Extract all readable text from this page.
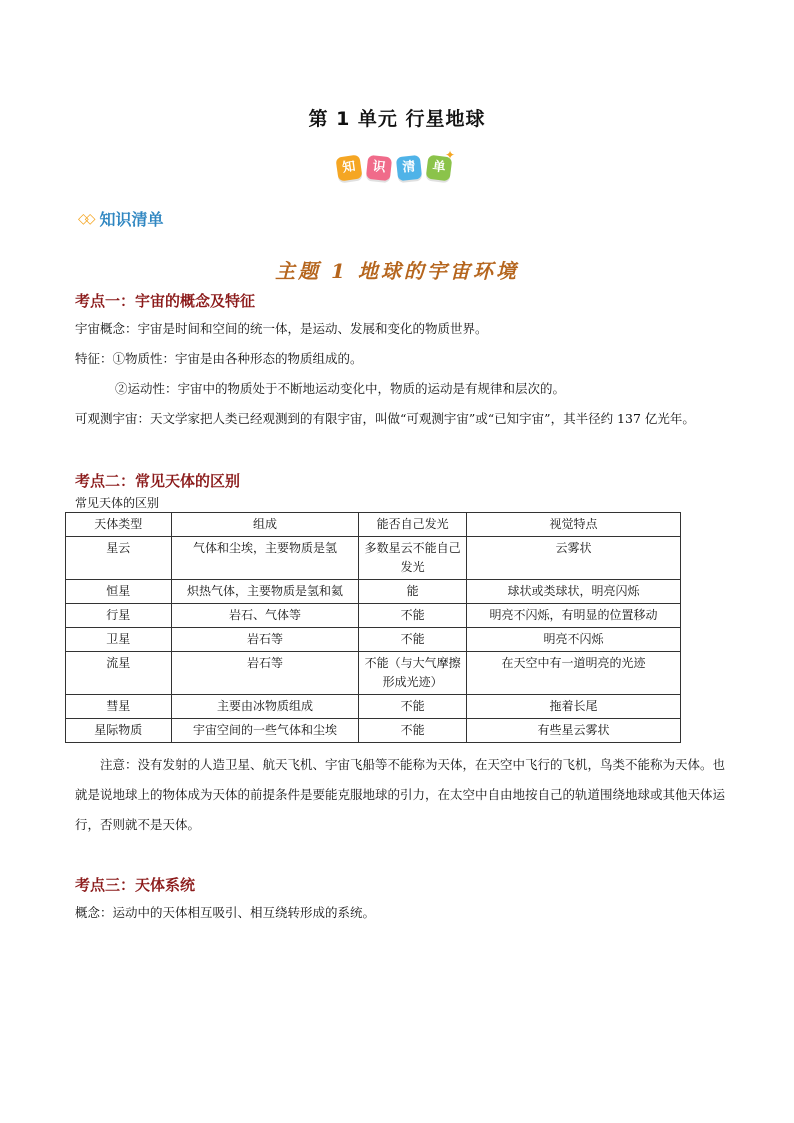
第 1 单元 行星地球
知	识	清	单
✦
◇◇ 知识清单
主题 1 地球的宇宙环境
考点一：宇宙的概念及特征
宇宙概念：宇宙是时间和空间的统一体，是运动、发展和变化的物质世界。
特征：①物质性：宇宙是由各种形态的物质组成的。
②运动性：宇宙中的物质处于不断地运动变化中，物质的运动是有规律和层次的。
可观测宇宙：天文学家把人类已经观测到的有限宇宙，叫做“可观测宇宙”或“已知宇宙”，其半径约 137 亿光年。
考点二：常见天体的区别
常见天体的区别
天体类型	组成	能否自己发光	视觉特点
星云	气体和尘埃，主要物质是氢	多数星云不能自己发光	云雾状
恒星	炽热气体，主要物质是氢和氦	能	球状或类球状，明亮闪烁
行星	岩石、气体等	不能	明亮不闪烁，有明显的位置移动
卫星	岩石等	不能	明亮不闪烁
流星	岩石等	不能（与大气摩擦形成光迹）	在天空中有一道明亮的光迹
彗星	主要由冰物质组成	不能	拖着长尾
星际物质	宇宙空间的一些气体和尘埃	不能	有些星云雾状
注意：没有发射的人造卫星、航天飞机、宇宙飞船等不能称为天体，在天空中飞行的飞机，鸟类不能称为天体。也就是说地球上的物体成为天体的前提条件是要能克服地球的引力，在太空中自由地按自己的轨道围绕地球或其他天体运行，否则就不是天体。
考点三：天体系统
概念：运动中的天体相互吸引、相互绕转形成的系统。
